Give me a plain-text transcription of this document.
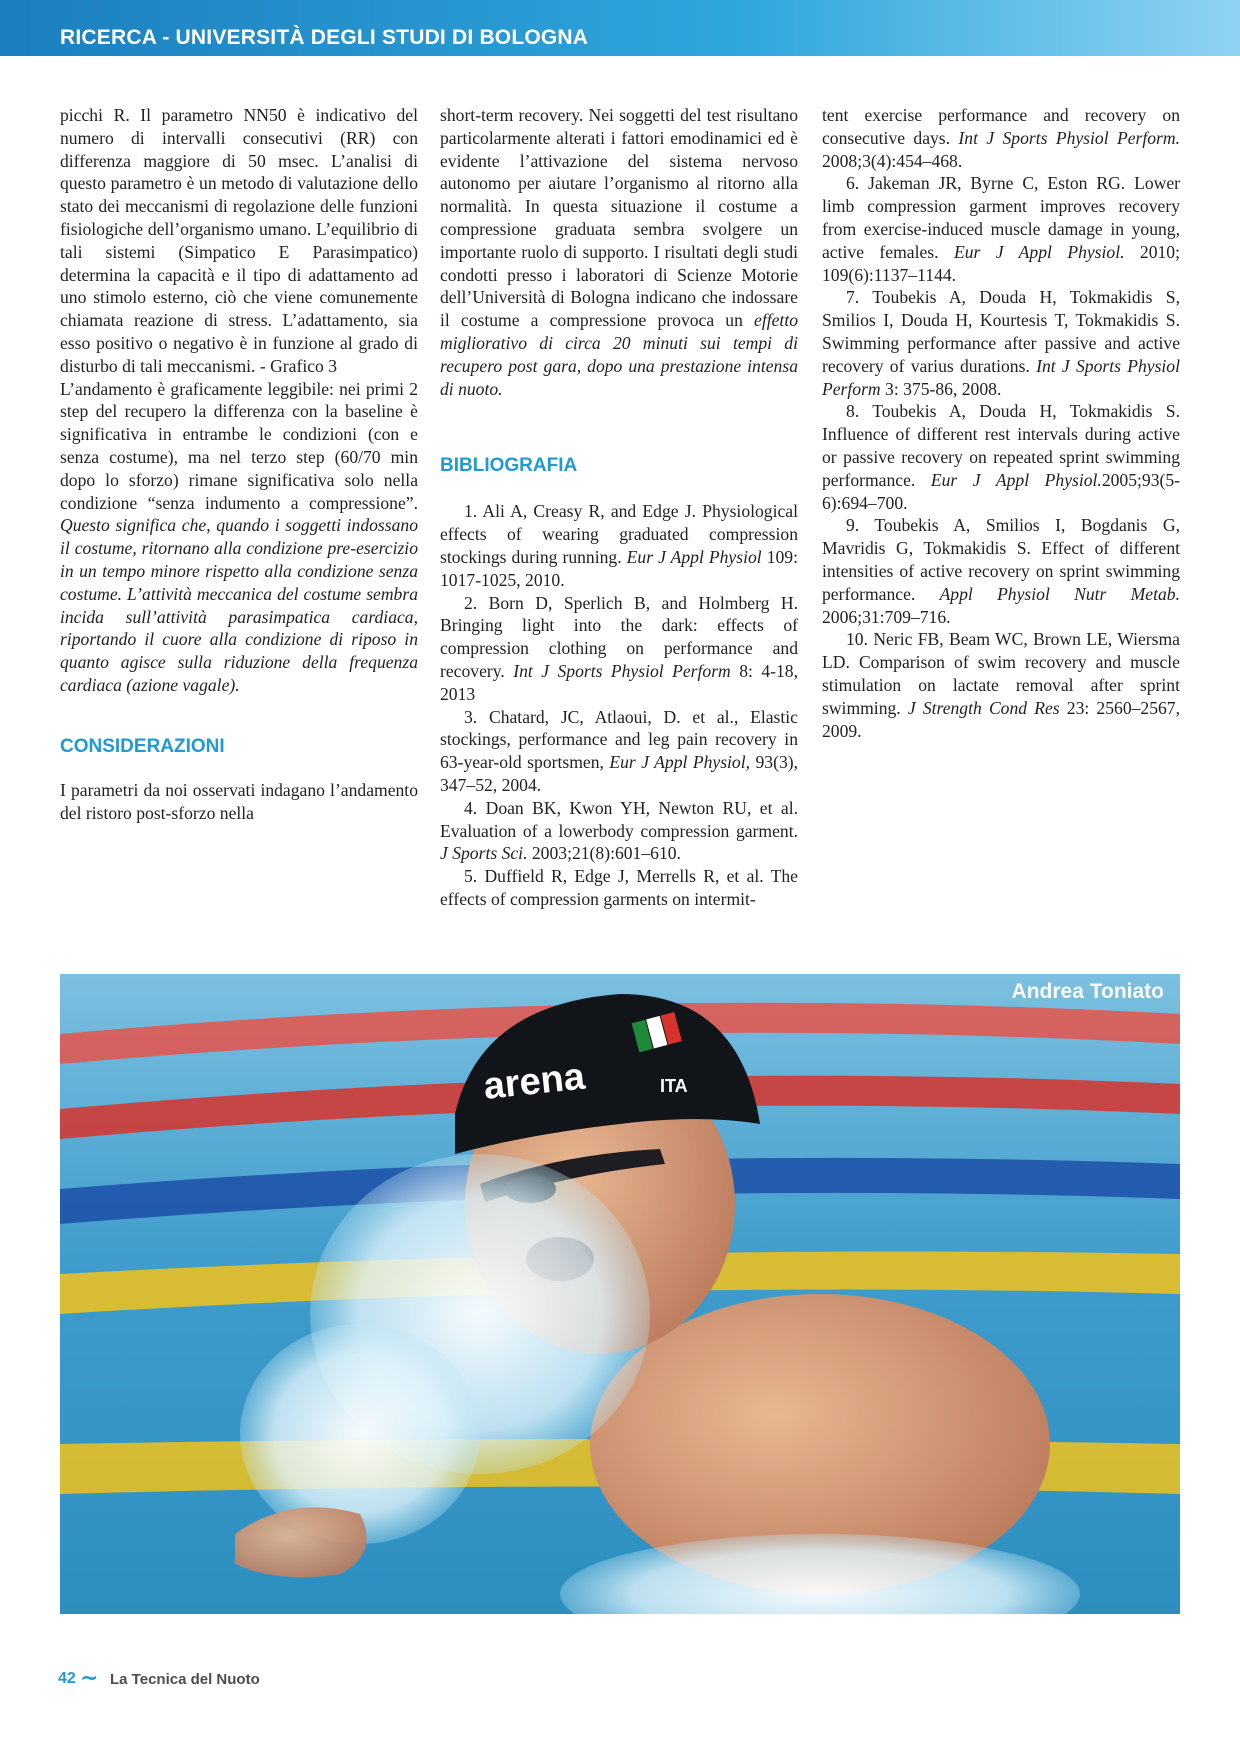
RICERCA - UNIVERSITÀ DEGLI STUDI DI BOLOGNA

picchi R. Il parametro NN50 è indicativo del numero di intervalli consecutivi (RR) con differenza maggiore di 50 msec. L’analisi di questo parametro è un metodo di valutazione dello stato dei meccanismi di regolazione delle funzioni fisiologiche dell’organismo umano. L’equilibrio di tali sistemi (Simpatico E Parasimpatico) determina la capacità e il tipo di adattamento ad uno stimolo esterno, ciò che viene comunemente chiamata reazione di stress. L’adattamento, sia esso positivo o negativo è in funzione al grado di disturbo di tali meccanismi. - Grafico 3

L’andamento è graficamente leggibile: nei primi 2 step del recupero la differenza con la baseline è significativa in entrambe le condizioni (con e senza costume), ma nel terzo step (60/70 min dopo lo sforzo) rimane significativa solo nella condizione “senza indumento a compressione”. Questo significa che, quando i soggetti indossano il costume, ritornano alla condizione pre-esercizio in un tempo minore rispetto alla condizione senza costume. L’attività meccanica del costume sembra incida sull’attività parasimpatica cardiaca, riportando il cuore alla condizione di riposo in quanto agisce sulla riduzione della frequenza cardiaca (azione vagale).

CONSIDERAZIONI

I parametri da noi osservati indagano l’andamento del ristoro post-sforzo nella

short-term recovery. Nei soggetti del test risultano particolarmente alterati i fattori emodinamici ed è evidente l’attivazione del sistema nervoso autonomo per aiutare l’organismo al ritorno alla normalità. In questa situazione il costume a compressione graduata sembra svolgere un importante ruolo di supporto. I risultati degli studi condotti presso i laboratori di Scienze Motorie dell’Università di Bologna indicano che indossare il costume a compressione provoca un effetto migliorativo di circa 20 minuti sui tempi di recupero post gara, dopo una prestazione intensa di nuoto.

BIBLIOGRAFIA

1. Ali A, Creasy R, and Edge J. Physiological effects of wearing graduated compression stockings during running. Eur J Appl Physiol 109: 1017-1025, 2010.

2. Born D, Sperlich B, and Holmberg H. Bringing light into the dark: effects of compression clothing on performance and recovery. Int J Sports Physiol Perform 8: 4-18, 2013

3. Chatard, JC, Atlaoui, D. et al., Elastic stockings, performance and leg pain recovery in 63-year-old sportsmen, Eur J Appl Physiol, 93(3), 347–52, 2004.

4. Doan BK, Kwon YH, Newton RU, et al. Evaluation of a lowerbody compression garment. J Sports Sci. 2003;21(8):601–610.

5. Duffield R, Edge J, Merrells R, et al. The effects of compression garments on intermit-

tent exercise performance and recovery on consecutive days. Int J Sports Physiol Perform. 2008;3(4):454–468.

6. Jakeman JR, Byrne C, Eston RG. Lower limb compression garment improves recovery from exercise-induced muscle damage in young, active females. Eur J Appl Physiol. 2010; 109(6):1137–1144.

7. Toubekis A, Douda H, Tokmakidis S, Smilios I, Douda H, Kourtesis T, Tokmakidis S. Swimming performance after passive and active recovery of varius durations. Int J Sports Physiol Perform 3: 375-86, 2008.

8. Toubekis A, Douda H, Tokmakidis S. Influence of different rest intervals during active or passive recovery on repeated sprint swimming performance. Eur J Appl Physiol.2005;93(5-6):694–700.

9. Toubekis A, Smilios I, Bogdanis G, Mavridis G, Tokmakidis S. Effect of different intensities of active recovery on sprint swimming performance. Appl Physiol Nutr Metab. 2006;31:709–716.

10. Neric FB, Beam WC, Brown LE, Wiersma LD. Comparison of swim recovery and muscle stimulation on lactate removal after sprint swimming. J Strength Cond Res 23: 2560–2567, 2009.

arena	ITA
Andrea Toniato
42 ~ La Tecnica del Nuoto
